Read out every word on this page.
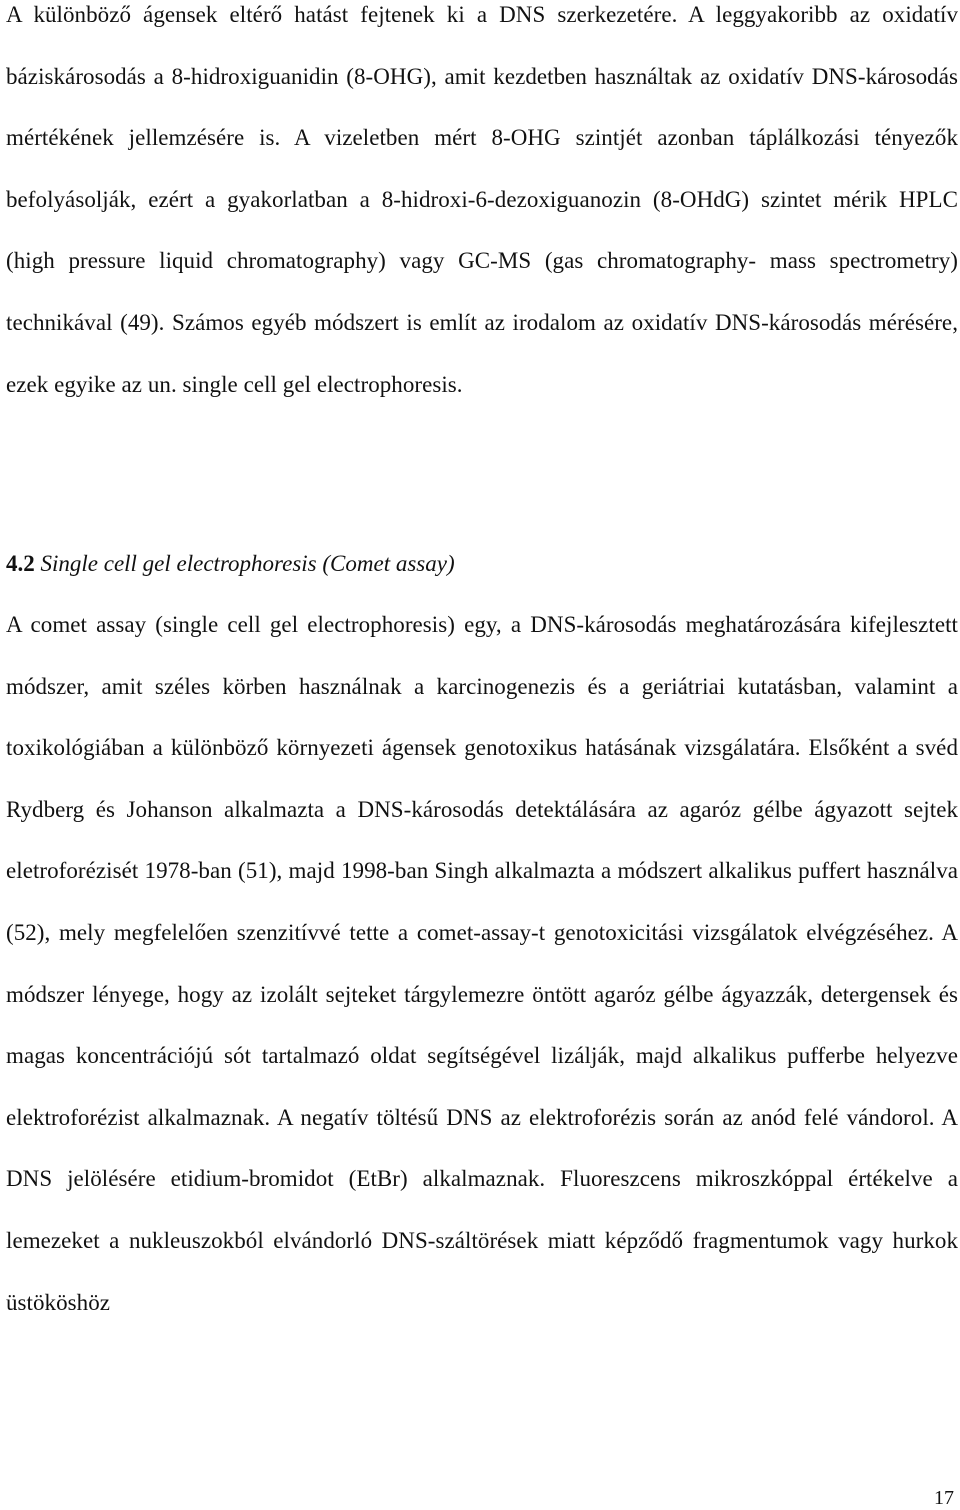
A különböző ágensek eltérő hatást fejtenek ki a DNS szerkezetére. A leggyakoribb az oxidatív báziskárosodás a 8-hidroxiguanidin (8-OHG), amit kezdetben használtak az oxidatív DNS-károsodás mértékének jellemzésére is. A vizeletben mért 8-OHG szintjét azonban táplálkozási tényezők befolyásolják, ezért a gyakorlatban a 8-hidroxi-6-dezoxiguanozin (8-OHdG) szintet mérik HPLC (high pressure liquid chromatography) vagy GC-MS (gas chromatography- mass spectrometry) technikával (49). Számos egyéb módszert is említ az irodalom az oxidatív DNS-károsodás mérésére, ezek egyike az un. single cell gel electrophoresis.

4.2 Single cell gel electrophoresis (Comet assay)

A comet assay (single cell gel electrophoresis) egy, a DNS-károsodás meghatározására kifejlesztett módszer, amit széles körben használnak a karcinogenezis és a geriátriai kutatásban, valamint a toxikológiában a különböző környezeti ágensek genotoxikus hatásának vizsgálatára. Elsőként a svéd Rydberg és Johanson alkalmazta a DNS-károsodás detektálására az agaróz gélbe ágyazott sejtek eletroforézisét 1978-ban (51), majd 1998-ban Singh alkalmazta a módszert alkalikus puffert használva (52), mely megfelelően szenzitívvé tette a comet-assay-t genotoxicitási vizsgálatok elvégzéséhez. A módszer lényege, hogy az izolált sejteket tárgylemezre öntött agaróz gélbe ágyazzák, detergensek és magas koncentrációjú sót tartalmazó oldat segítségével lizálják, majd alkalikus pufferbe helyezve elektroforézist alkalmaznak. A negatív töltésű DNS az elektroforézis során az anód felé vándorol. A DNS jelölésére etidium-bromidot (EtBr) alkalmaznak. Fluoreszcens mikroszkóppal értékelve a lemezeket a nukleuszokból elvándorló DNS-száltörések miatt képződő fragmentumok vagy hurkok üstököshöz

17
